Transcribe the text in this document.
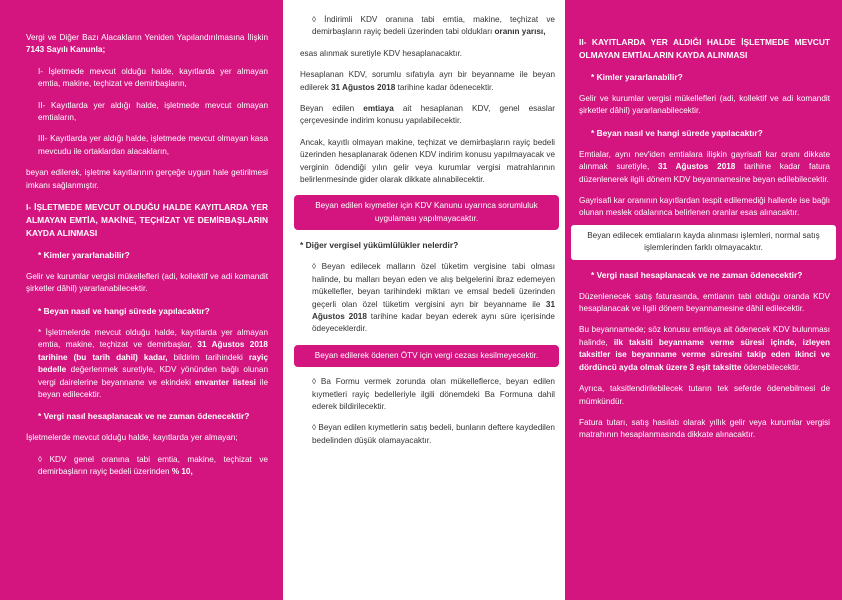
Vergi ve Diğer Bazı Alacakların Yeniden Yapılandırılmasına İlişkin 7143 Sayılı Kanunla;

I- İşletmede mevcut olduğu halde, kayıtlarda yer almayan emtia, makine, teçhizat ve demirbaşların,

II- Kayıtlarda yer aldığı halde, işletmede mevcut olmayan emtiaların,

III- Kayıtlarda yer aldığı halde, işletmede mevcut olmayan kasa mevcudu ile ortaklardan alacakların,

beyan edilerek, işletme kayıtlarının gerçeğe uygun hale getirilmesi imkanı sağlanmıştır.

I- İŞLETMEDE MEVCUT OLDUĞU HALDE KAYITLARDA YER ALMAYAN EMTİA, MAKİNE, TEÇHİZAT VE DEMİRBAŞLARIN KAYDA ALINMASI

* Kimler yararlanabilir?

Gelir ve kurumlar vergisi mükellefleri (adi, kollektif ve adi komandit şirketler dâhil) yararlanabilecektir.

* Beyan nasıl ve hangi sürede yapılacaktır?

* İşletmelerde mevcut olduğu halde, kayıtlarda yer almayan emtia, makine, teçhizat ve demirbaşlar, 31 Ağustos 2018 tarihine (bu tarih dahil) kadar, bildirim tarihindeki rayiç bedelle değerlenmek suretiyle, KDV yönünden bağlı olunan vergi dairelerine beyanname ve ekindeki envanter listesi ile beyan edilecektir.

* Vergi nasıl hesaplanacak ve ne zaman ödenecektir?

İşletmelerde mevcut olduğu halde, kayıtlarda yer almayan;

◊ KDV genel oranına tabi emtia, makine, teçhizat ve demirbaşların rayiç bedeli üzerinden % 10,

◊ İndirimli KDV oranına tabi emtia, makine, teçhizat ve demirbaşların rayiç bedeli üzerinden tabi oldukları oranın yarısı,

esas alınmak suretiyle KDV hesaplanacaktır.

Hesaplanan KDV, sorumlu sıfatıyla ayrı bir beyanname ile beyan edilerek 31 Ağustos 2018 tarihine kadar ödenecektir.

Beyan edilen emtiaya ait hesaplanan KDV, genel esaslar çerçevesinde indirim konusu yapılabilecektir.

Ancak, kayıtlı olmayan makine, teçhizat ve demirbaşların rayiç bedeli üzerinden hesaplanarak ödenen KDV indirim konusu yapılmayacak ve verginin ödendiği yılın gelir veya kurumlar vergisi matrahlarının belirlenmesinde gider olarak dikkate alınabilecektir.

Beyan edilen kıymetler için KDV Kanunu uyarınca sorumluluk uygulaması yapılmayacaktır.

* Diğer vergisel yükümlülükler nelerdir?

◊ Beyan edilecek malların özel tüketim vergisine tabi olması halinde, bu malları beyan eden ve alış belgelerini ibraz edemeyen mükellefler, beyan tarihindeki miktarı ve emsal bedeli üzerinden geçerli olan özel tüketim vergisini ayrı bir beyanname ile 31 Ağustos 2018 tarihine kadar beyan ederek aynı süre içerisinde ödeyeceklerdir.

Beyan edilerek ödenen ÖTV için vergi cezası kesilmeyecektir.

◊ Ba Formu vermek zorunda olan mükelleflerce, beyan edilen kıymetleri rayiç bedelleriyle ilgili dönemdeki Ba Formuna dahil ederek bildirilecektir.

◊ Beyan edilen kıymetlerin satış bedeli, bunların deftere kaydedilen bedelinden düşük olamayacaktır.

II- KAYITLARDA YER ALDIĞI HALDE İŞLETMEDE MEVCUT OLMAYAN EMTİALARIN KAYDA ALINMASI

* Kimler yararlanabilir?

Gelir ve kurumlar vergisi mükellefleri (adi, kollektif ve adi komandit şirketler dâhil) yararlanabilecektir.

* Beyan nasıl ve hangi sürede yapılacaktır?

Emtialar, aynı nev'iden emtialara ilişkin gayrisafi kar oranı dikkate alınmak suretiyle, 31 Ağustos 2018 tarihine kadar fatura düzenlenerek ilgili dönem KDV beyannamesine beyan edilebilecektir.

Gayrisafi kar oranının kayıtlardan tespit edilemediği hallerde ise bağlı olunan meslek odalarınca belirlenen oranlar esas alınacaktır.

Beyan edilecek emtiaların kayda alınması işlemleri, normal satış işlemlerinden farklı olmayacaktır.

* Vergi nasıl hesaplanacak ve ne zaman ödenecektir?

Düzenlenecek satış faturasında, emtianın tabi olduğu oranda KDV hesaplanacak ve ilgili dönem beyannamesine dâhil edilecektir.

Bu beyannamede; söz konusu emtiaya ait ödenecek KDV bulunması halinde, ilk taksiti beyanname verme süresi içinde, izleyen taksitler ise beyanname verme süresini takip eden ikinci ve dördüncü ayda olmak üzere 3 eşit taksitte ödenebilecektir.

Ayrıca, taksitlendirilebilecek tutarın tek seferde ödenebilmesi de mümkündür.

Fatura tutarı, satış hasılatı olarak yıllık gelir veya kurumlar vergisi matrahının hesaplanmasında dikkate alınacaktır.
